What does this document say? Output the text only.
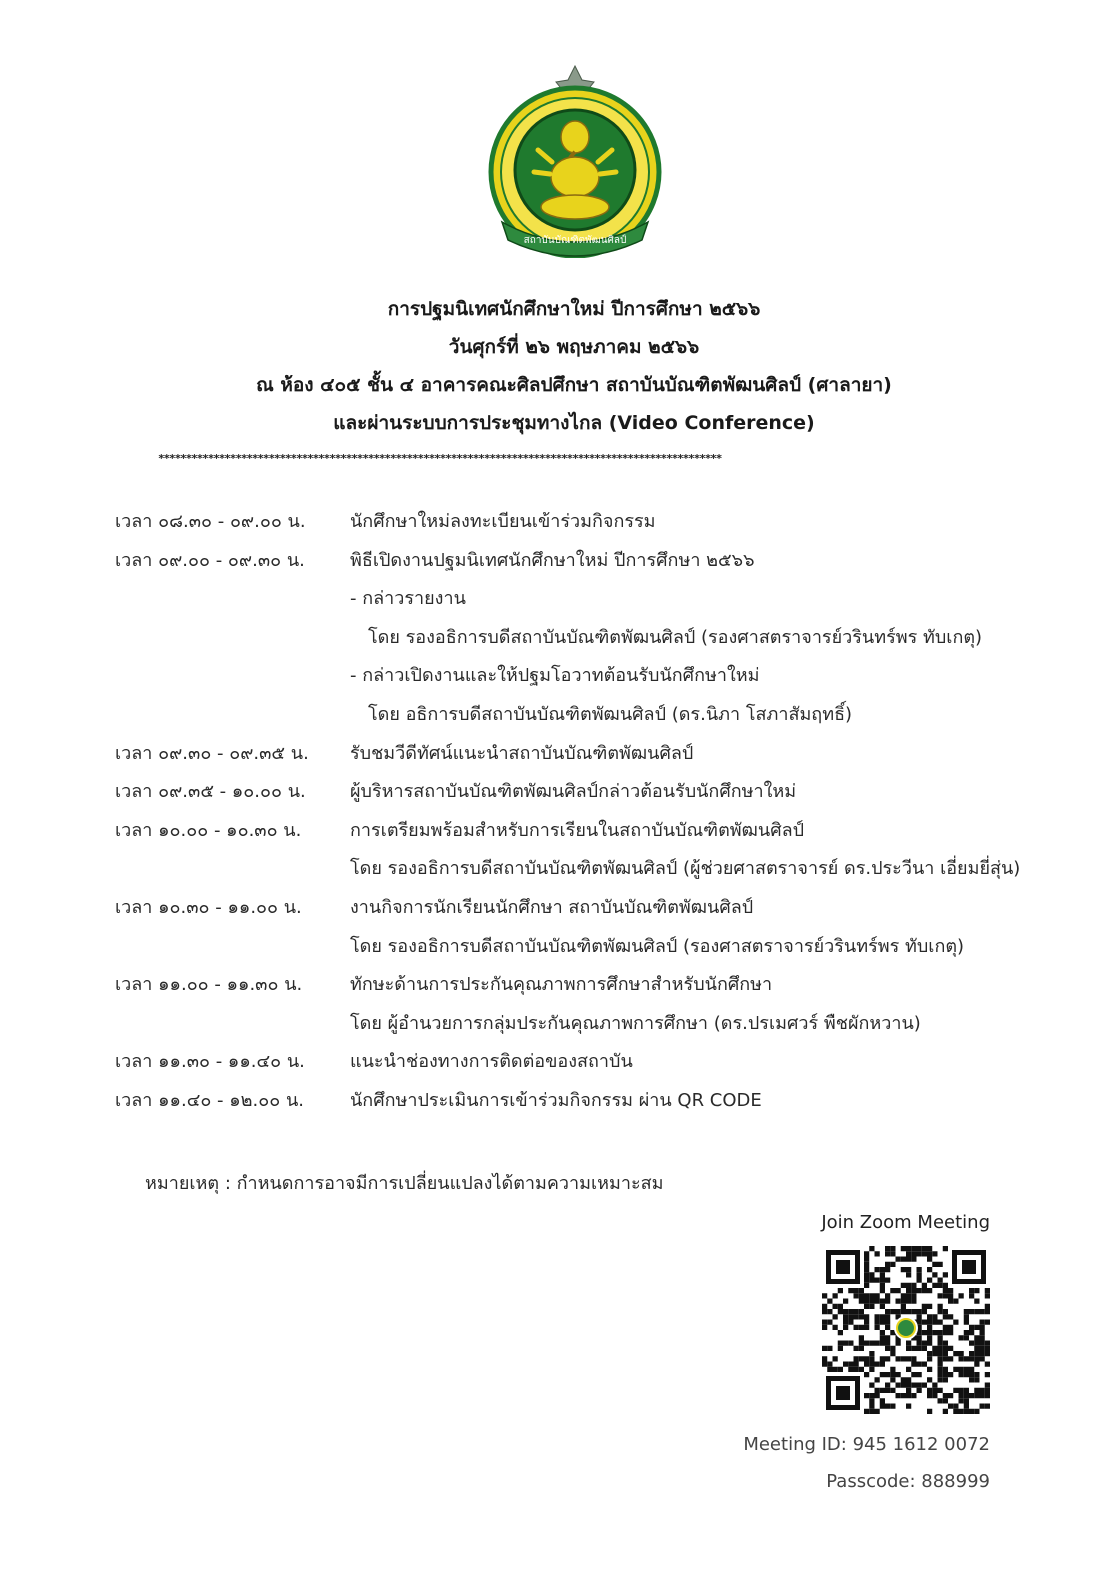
สถาบันบัณฑิตพัฒนศิลป์
การปฐมนิเทศนักศึกษาใหม่ ปีการศึกษา ๒๕๖๖
วันศุกร์ที่ ๒๖ พฤษภาคม ๒๕๖๖
ณ ห้อง ๔๐๕ ชั้น ๔ อาคารคณะศิลปศึกษา สถาบันบัณฑิตพัฒนศิลป์ (ศาลายา)
และผ่านระบบการประชุมทางไกล (Video Conference)
******************************************************************************************************
เวลา ๐๘.๓๐ - ๐๙.๐๐ น. นักศึกษาใหม่ลงทะเบียนเข้าร่วมกิจกรรม
เวลา ๐๙.๐๐ - ๐๙.๓๐ น.	พิธีเปิดงานปฐมนิเทศนักศึกษาใหม่ ปีการศึกษา ๒๕๖๖
- กล่าวรายงาน
โดย รองอธิการบดีสถาบันบัณฑิตพัฒนศิลป์ (รองศาสตราจารย์วรินทร์พร ทับเกตุ)
- กล่าวเปิดงานและให้ปฐมโอวาทต้อนรับนักศึกษาใหม่
โดย อธิการบดีสถาบันบัณฑิตพัฒนศิลป์ (ดร.นิภา โสภาสัมฤทธิ์)
เวลา ๐๙.๓๐ - ๐๙.๓๕ น. รับชมวีดีทัศน์แนะนำสถาบันบัณฑิตพัฒนศิลป์
เวลา ๐๙.๓๕ - ๑๐.๐๐ น. ผู้บริหารสถาบันบัณฑิตพัฒนศิลป์กล่าวต้อนรับนักศึกษาใหม่
เวลา ๑๐.๐๐ - ๑๐.๓๐ น.	การเตรียมพร้อมสำหรับการเรียนในสถาบันบัณฑิตพัฒนศิลป์
โดย รองอธิการบดีสถาบันบัณฑิตพัฒนศิลป์ (ผู้ช่วยศาสตราจารย์ ดร.ประวีนา เอี่ยมยี่สุ่น)
เวลา ๑๐.๓๐ - ๑๑.๐๐ น.	งานกิจการนักเรียนนักศึกษา สถาบันบัณฑิตพัฒนศิลป์
โดย รองอธิการบดีสถาบันบัณฑิตพัฒนศิลป์ (รองศาสตราจารย์วรินทร์พร ทับเกตุ)
เวลา ๑๑.๐๐ - ๑๑.๓๐ น.	ทักษะด้านการประกันคุณภาพการศึกษาสำหรับนักศึกษา
โดย ผู้อำนวยการกลุ่มประกันคุณภาพการศึกษา (ดร.ปรเมศวร์ พืชผักหวาน)
เวลา ๑๑.๓๐ - ๑๑.๔๐ น.	แนะนำช่องทางการติดต่อของสถาบัน
เวลา ๑๑.๔๐ - ๑๒.๐๐ น.	นักศึกษาประเมินการเข้าร่วมกิจกรรม ผ่าน QR CODE
หมายเหตุ : กำหนดการอาจมีการเปลี่ยนแปลงได้ตามความเหมาะสม
Join Zoom Meeting
Meeting ID: 945 1612 0072
Passcode: 888999
